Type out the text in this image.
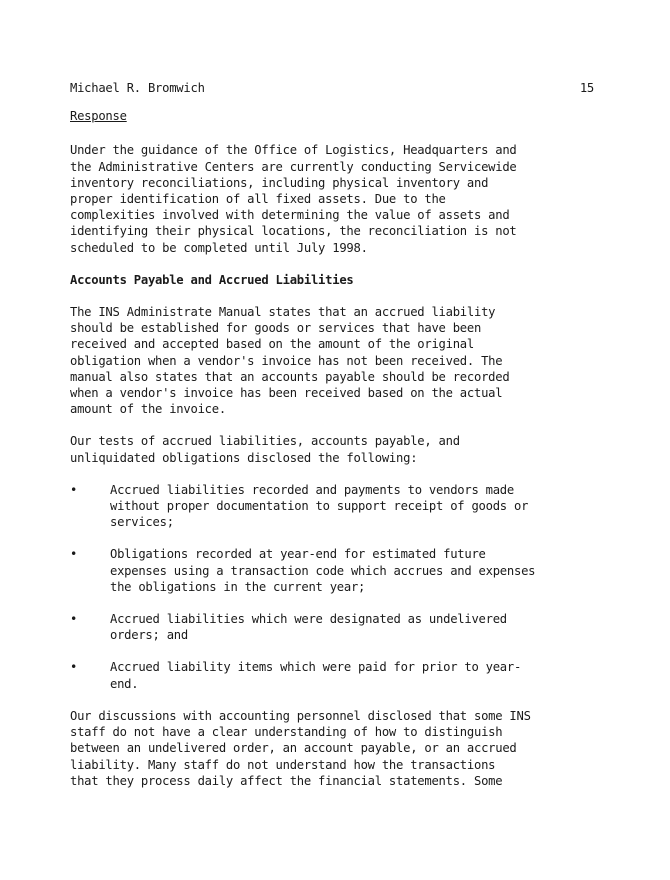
Michael R. Bromwich	15
Response

Under the guidance of the Office of Logistics, Headquarters and
the Administrative Centers are currently conducting Servicewide
inventory reconciliations, including physical inventory and
proper identification of all fixed assets. Due to the
complexities involved with determining the value of assets and
identifying their physical locations, the reconciliation is not
scheduled to be completed until July 1998.

Accounts Payable and Accrued Liabilities

The INS Administrate Manual states that an accrued liability
should be established for goods or services that have been
received and accepted based on the amount of the original
obligation when a vendor's invoice has not been received. The
manual also states that an accounts payable should be recorded
when a vendor's invoice has been received based on the actual
amount of the invoice.

Our tests of accrued liabilities, accounts payable, and
unliquidated obligations disclosed the following:

•	Accrued liabilities recorded and payments to vendors made
without proper documentation to support receipt of goods or
services;
•	Obligations recorded at year-end for estimated future
expenses using a transaction code which accrues and expenses
the obligations in the current year;
•	Accrued liabilities which were designated as undelivered
orders; and
•	Accrued liability items which were paid for prior to year-
end.

Our discussions with accounting personnel disclosed that some INS
staff do not have a clear understanding of how to distinguish
between an undelivered order, an account payable, or an accrued
liability. Many staff do not understand how the transactions
that they process daily affect the financial statements. Some
